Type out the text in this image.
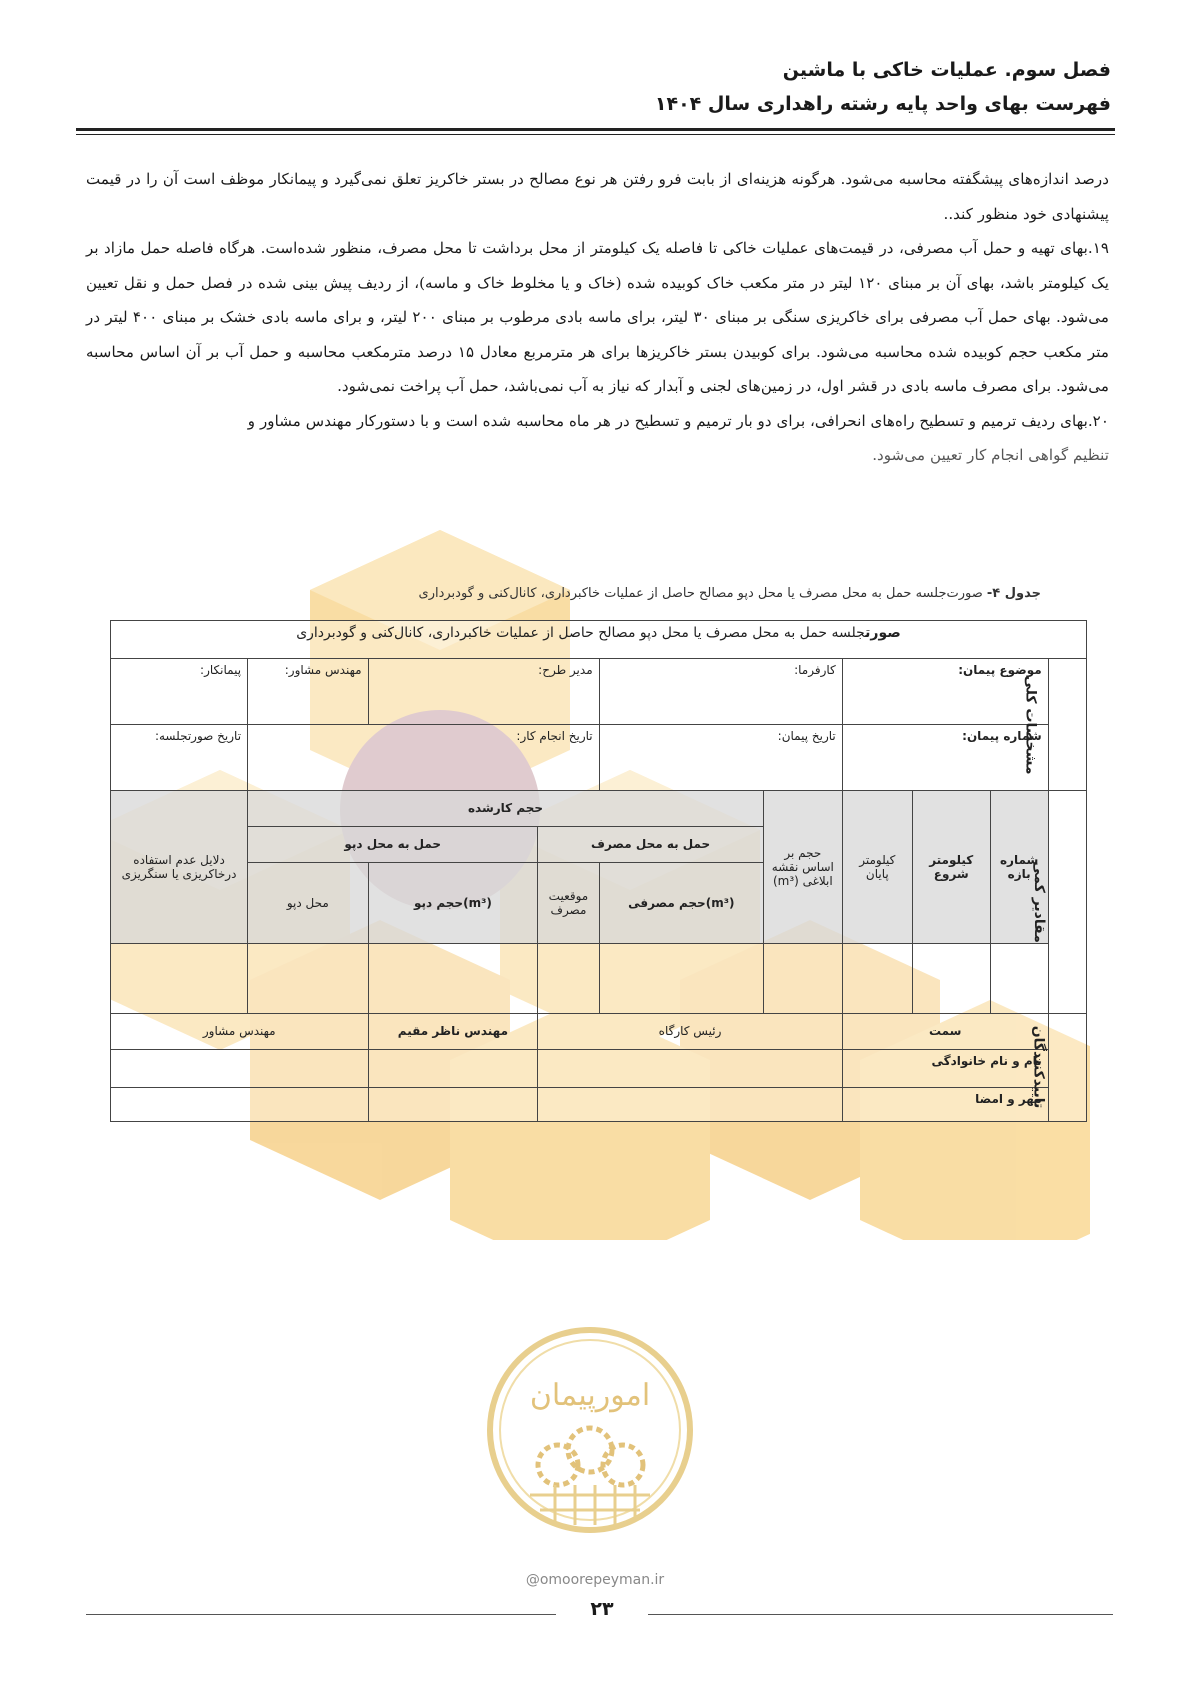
فصل سوم. عملیات خاکی با ماشین
فهرست بهای واحد پایه رشته راهداری سال ۱۴۰۴

درصد اندازه‌های پیشگفته محاسبه می‌شود. هرگونه هزینه‌ای از بابت فرو رفتن هر نوع مصالح در بستر خاکریز تعلق نمی‌گیرد و پیمانکار موظف است آن را در قیمت پیشنهادی خود منظور کند..

۱۹.بهای تهیه و حمل آب مصرفی، در قیمت‌های عملیات خاکی تا فاصله یک کیلومتر از محل برداشت تا محل مصرف، منظور شده‌است. هرگاه فاصله حمل مازاد بر یک کیلومتر باشد، بهای آن بر مبنای ۱۲۰ لیتر در متر مکعب خاک کوبیده شده (خاک و یا مخلوط خاک و ماسه)، از ردیف پیش بینی شده در فصل حمل و نقل تعیین می‌شود. بهای حمل آب مصرفی برای خاکریزی سنگی بر مبنای ۳۰ لیتر، برای ماسه بادی مرطوب بر مبنای ۲۰۰ لیتر، و برای ماسه بادی خشک بر مبنای ۴۰۰ لیتر در متر مکعب حجم کوبیده شده محاسبه می‌شود. برای کوبیدن بستر خاکریزها برای هر مترمربع معادل ۱۵ درصد مترمکعب محاسبه و حمل آب بر آن اساس محاسبه می‌شود. برای مصرف ماسه بادی در قشر اول، در زمین‌های لجنی و آبدار که نیاز به آب نمی‌باشد، حمل آب پراخت نمی‌شود.

۲۰.بهای ردیف ترمیم و تسطیح راه‌های انحرافی، برای دو بار ترمیم و تسطیح در هر ماه محاسبه شده است و با دستورکار مهندس مشاور و

تنظیم گواهی انجام کار تعیین می‌شود.

جدول ۴- صورت‌جلسه حمل به محل مصرف یا محل دپو مصالح حاصل از عملیات خاکبرداری، کانال‌کنی و گودبرداری
صورتجلسه حمل به محل مصرف یا محل دپو مصالح حاصل از عملیات خاکبرداری، کانال‌کنی و گودبرداری									
مشخصات کلی	موضوع پیمان:			کارفرما:		مدیر طرح:		مهندس مشاور:	پیمانکار:
	شماره پیمان:			تاریخ پیمان:		تاریخ انجام کار:			تاریخ صورتجلسه:
مقادیر کمی	شماره بازه	کیلومتر شروع	کیلومتر پایان	حجم بر اساس نقشه ابلاغی (m³)	حجم کارشده				دلایل عدم استفاده درخاکریزی یا سنگریزی
					حمل به محل مصرف		حمل به محل دپو		
					(m³)حجم مصرفی	موقعیت مصرف	(m³)حجم دپو	محل دپو	

تاییدکنندگان	سمت			رئیس کارگاه			مهندس ناظر مقیم	مهندس مشاور	
	نام و نام خانوادگی								
	مهر و امضا								
امورپیمان
@omoorepeyman.ir
۲۳
